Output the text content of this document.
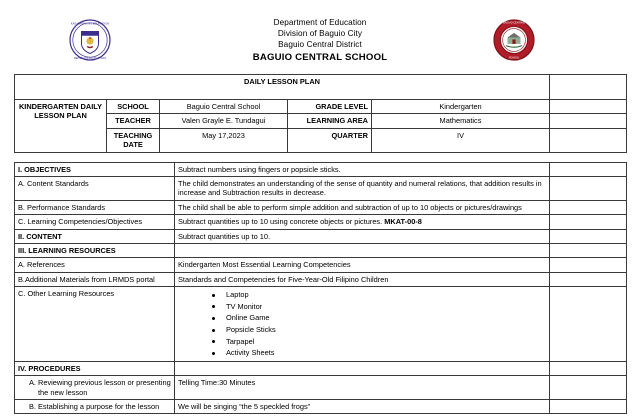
KAGAWARAN NG EDUKASYON
REPUBLIKA NG PILIPINAS
Department of Education
Division of Baguio City
Baguio Central District
BAGUIO CENTRAL SCHOOL
BAGUIO CENTRAL
SCHOOL
DAILY LESSON PLAN					
KINDERGARTEN DAILY LESSON PLAN	SCHOOL	Baguio Central School	GRADE LEVEL	Kindergarten	
	TEACHER	Valen Grayle E. Tundagui	LEARNING AREA	Mathematics	
	TEACHING DATE	May 17,2023	QUARTER	IV	
I. OBJECTIVES	Subtract numbers using fingers or popsicle sticks.	
A. Content Standards	The child demonstrates an understanding of the sense of quantity and numeral relations, that addition results in increase and Subtraction results in decrease.	
B. Performance Standards	The child shall be able to perform simple addition and subtraction of up to 10 objects or pictures/drawings	
C. Learning Competencies/Objectives	Subtract quantities up to 10 using concrete objects or pictures. MKAT-00-8	
II. CONTENT	Subtract quantities up to 10.	
III. LEARNING RESOURCES		
A. References	Kindergarten Most Essential Learning Competencies	
B.Additional Materials from LRMDS portal	Standards and Competencies for Five-Year-Old Filipino Children	
C. Other Learning Resources	Laptop
TV Monitor
Online Game
Popsicle Sticks
Tarpapel
Activity Sheets

IV. PROCEDURES		

A. Reviewing previous lesson or presenting the new lesson	Telling Time:30 Minutes	

B. Establishing a purpose for the lesson	We will be singing “the 5 speckled frogs”	
